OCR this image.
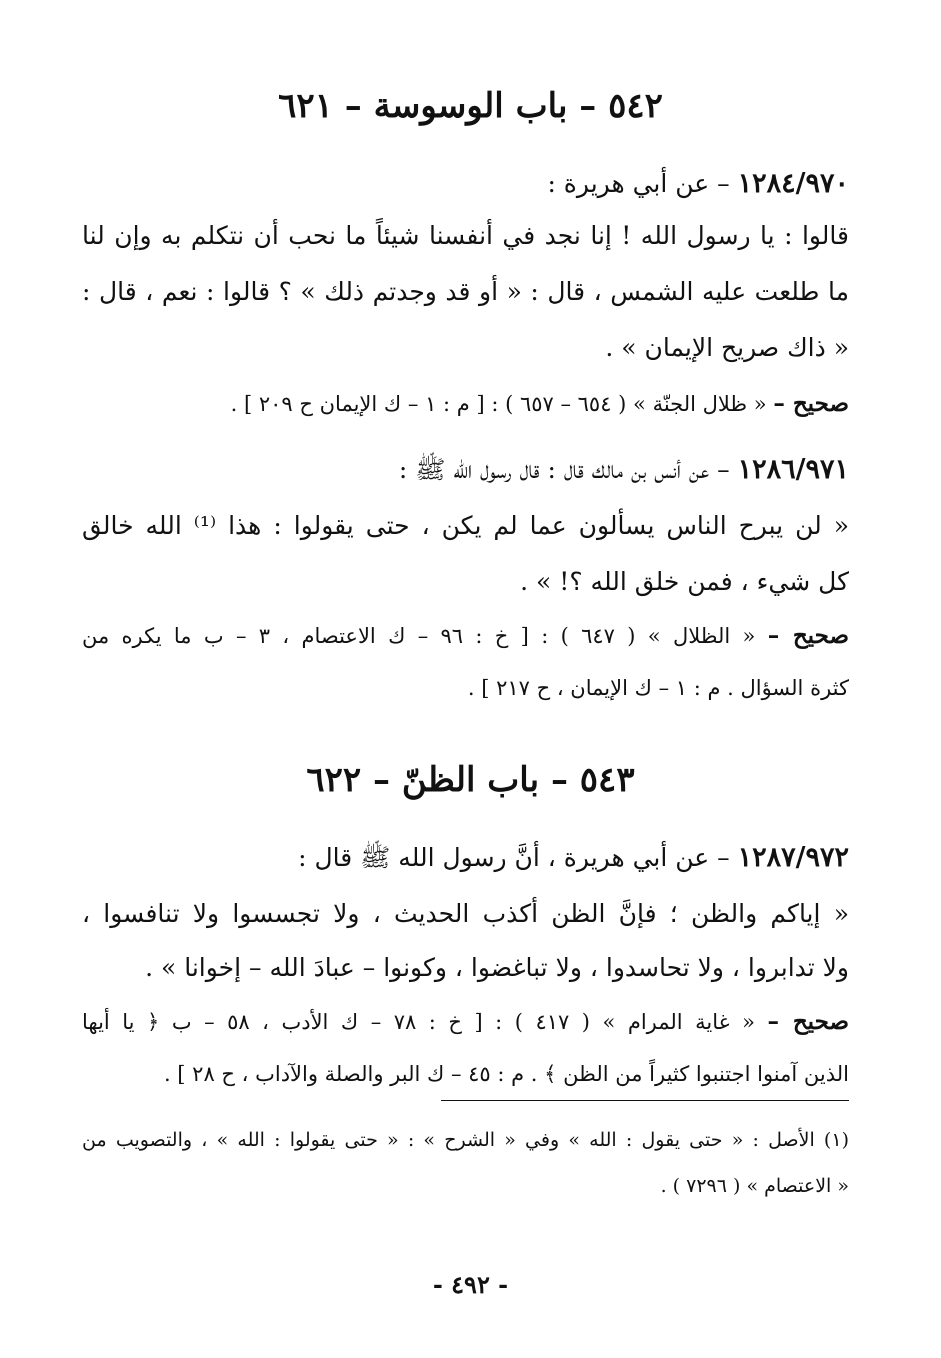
٥٤٢ – باب الوسوسة – ٦٢١
١٢٨٤/٩٧٠ – عن أبي هريرة :
قالوا : يا رسول الله ! إنا نجد في أنفسنا شيئاً ما نحب أن نتكلم به وإن لنا
ما طلعت عليه الشمس ، قال : « أو قد وجدتم ذلك » ؟ قالوا : نعم ، قال :
« ذاك صريح الإيمان » .
صحيح – « ظلال الجنّة » ( ٦٥٤ – ٦٥٧ ) : [ م : ١ – ك الإيمان ح ٢٠٩ ] .
١٢٨٦/٩٧١ – عن أنس بن مالك قال : قال رسول الله ﷺ :
« لن يبرح الناس يسألون عما لم يكن ، حتى يقولوا : هذا ⁽¹⁾ الله خالق
كل شيء ، فمن خلق الله ؟! » .
صحيح – « الظلال » ( ٦٤٧ ) : [ خ : ٩٦ – ك الاعتصام ، ٣ – ب ما يكره من
كثرة السؤال . م : ١ – ك الإيمان ، ح ٢١٧ ] .
٥٤٣ – باب الظنّ – ٦٢٢
١٢٨٧/٩٧٢ – عن أبي هريرة ، أنَّ رسول الله ﷺ قال :
« إياكم والظن ؛ فإنَّ الظن أكذب الحديث ، ولا تجسسوا ولا تنافسوا ،
ولا تدابروا ، ولا تحاسدوا ، ولا تباغضوا ، وكونوا – عبادَ الله – إخوانا » .
صحيح – « غاية المرام » ( ٤١٧ ) : [ خ : ٧٨ – ك الأدب ، ٥٨ – ب ﴿ يا أيها
الذين آمنوا اجتنبوا كثيراً من الظن ﴾ . م : ٤٥ – ك البر والصلة والآداب ، ح ٢٨ ] .
(١) الأصل : « حتى يقول : الله » وفي « الشرح » : « حتى يقولوا : الله » ، والتصويب من
« الاعتصام » ( ٧٢٩٦ ) .
- ٤٩٢ -
